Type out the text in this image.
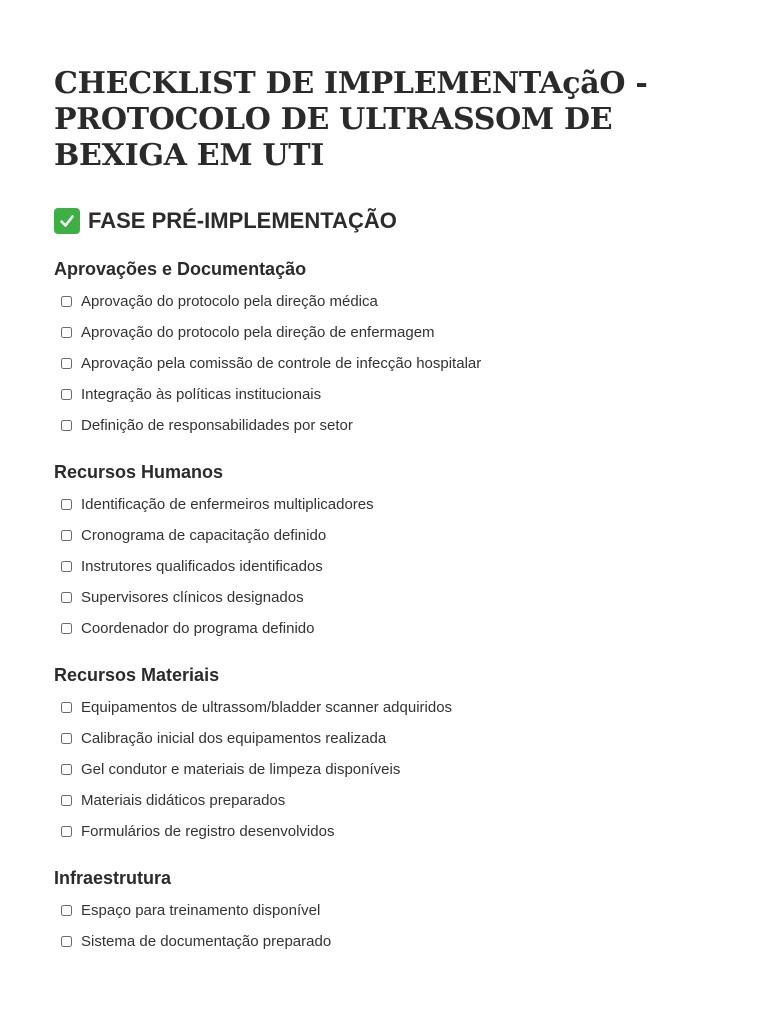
CHECKLIST DE IMPLEMENTAçãO - PROTOCOLO DE ULTRASSOM DE BEXIGA EM UTI
FASE PRÉ-IMPLEMENTAÇÃO
Aprovações e Documentação
Aprovação do protocolo pela direção médica
Aprovação do protocolo pela direção de enfermagem
Aprovação pela comissão de controle de infecção hospitalar
Integração às políticas institucionais
Definição de responsabilidades por setor
Recursos Humanos
Identificação de enfermeiros multiplicadores
Cronograma de capacitação definido
Instrutores qualificados identificados
Supervisores clínicos designados
Coordenador do programa definido
Recursos Materiais
Equipamentos de ultrassom/bladder scanner adquiridos
Calibração inicial dos equipamentos realizada
Gel condutor e materiais de limpeza disponíveis
Materiais didáticos preparados
Formulários de registro desenvolvidos
Infraestrutura
Espaço para treinamento disponível
Sistema de documentação preparado
